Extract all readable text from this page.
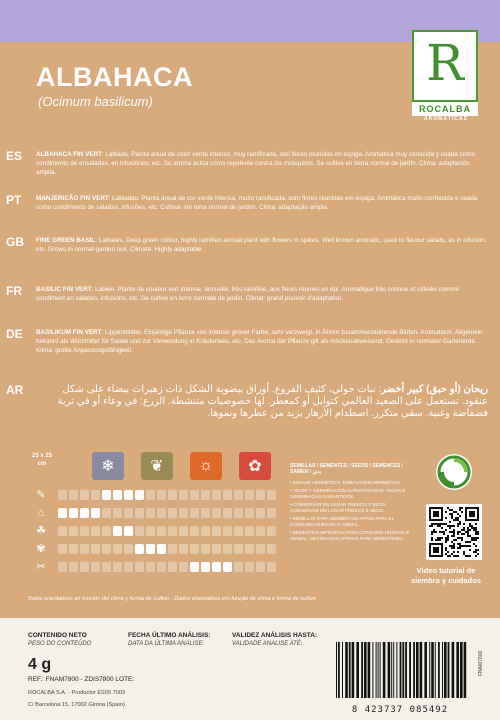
ALBAHACA
(Ocimum basilicum)
R
ROCALBA
AROMÁTICAS
ES	ALBAHACA FIN VERT: Labiada. Planta anual de color verde intenso, muy ramificada, con flores reunidas en espiga. Aromática muy conocida y usada como condimento de ensaladas, en infusiones, etc. Su aroma actúa como repelente contra los mosquitos. Se cultiva en tierra normal de jardín. Clima: adaptación amplia.
PT	MANJERICÃO FIN VERT: Labiadas. Planta anual de cor verde intensa, muito ramificada, com flores reunidas em espiga. Aromática muito conhecida e usada como condimento de saladas, infusões, etc. Cultivar em terra normal de jardim. Clima: adaptação ampla.
GB	FINE GREEN BASIL: Labiates. Deep green colour, highly ramified annual plant with flowers in spikes. Well known aromatic, used to flavour salads, as in infusion, etc. Grows in normal garden soil. Climate: Highly adaptable.
FR	BASILIC FIN VERT: Labiée. Plante de couleur vert intense, annuelle, très ramifiée, aux fleurs réunies en épi. Aromatique très connue et utilisée comme condiment en salades, infusions, etc. Se cultive en terre normale de jardin. Climat: grand pouvoir d'adaptation.
DE	BASILIKUM FIN VERT: Lippenblütler. Einjährige Pflanze von intensiv grüner Farbe, sehr verzweigt, in Ähren zusammenstehende Blüten. Aromatisch. Allgemein bekannt als Würzmittel für Salate und zur Verwendung in Kräutertees, etc. Das Aroma der Pflanze gilt als mückenabweisend. Gedeiht in normaler Gartenerde. Klima: große Anpassungsfähigkeit.
AR	ريحان (أو حبق) كبير أخضر: نبات حولي، كثيف الفروع. أوراق بيضوية الشكل ذات زهيرات بيضاء على شكل عنقود. تستعمل على الصعيد العالمي كتوابل أو كمعطر. لها خصوصيات متنشطة. الزرع: في وعاء أو في تربة فضفاضة وغنية. سقي متكرر. اصطدام الأزهار يزيد من عطرها ونموها.
25 x 25 cm	❄	❦	☼	✿
✎
⌂
☘
✾
✂
SEMILLAS / SEMENTES / SEEDS / SEMENCES / SAMEN / بذور
• ENVASE HERMÉTICO. EMBALAGEM HERMÉTICA
• VIGOR Y GERMINACIÓN GARANTIZADOS. VIGOR E GERMINAÇÃO GARANTIDOS.
• CONSERVAR EN LUGAR FRESCO Y SECO. CONSERVAR EM LUGAR FRESCO E SECO.
• SEMILLAS PARA SIEMBRA NO APTAS PARA EL CONSUMO HUMANO O ANIMAL.
• SEMENTES IMPRÓPIAS PARA CONSUMO HUMANO E ANIMAL, DESTINADAS APENAS PARA SEMENTEIRA.
Vídeo tutorial de
siembra y cuidados
Datos orientativos en función del clima y forma de cultivo · Dados orientativos em função de clima e forma de cultivo
CONTENIDO NETO
PESO DO CONTEÚDO
4 g
FECHA ÚLTIMO ANÁLISIS:
DATA DA ÚLTIMA ANALISE:
VALIDEZ ANÁLISIS HASTA:
VALIDADE ANALISE ATÉ:
REF.: FNAM7800 - ZDIS7800 LOTE:
ROCALBA S.A. · Productor ES09 7003
C/ Barcelona 15, 17002 Girona (Spain)	8 423737 085492
FNAM7800
